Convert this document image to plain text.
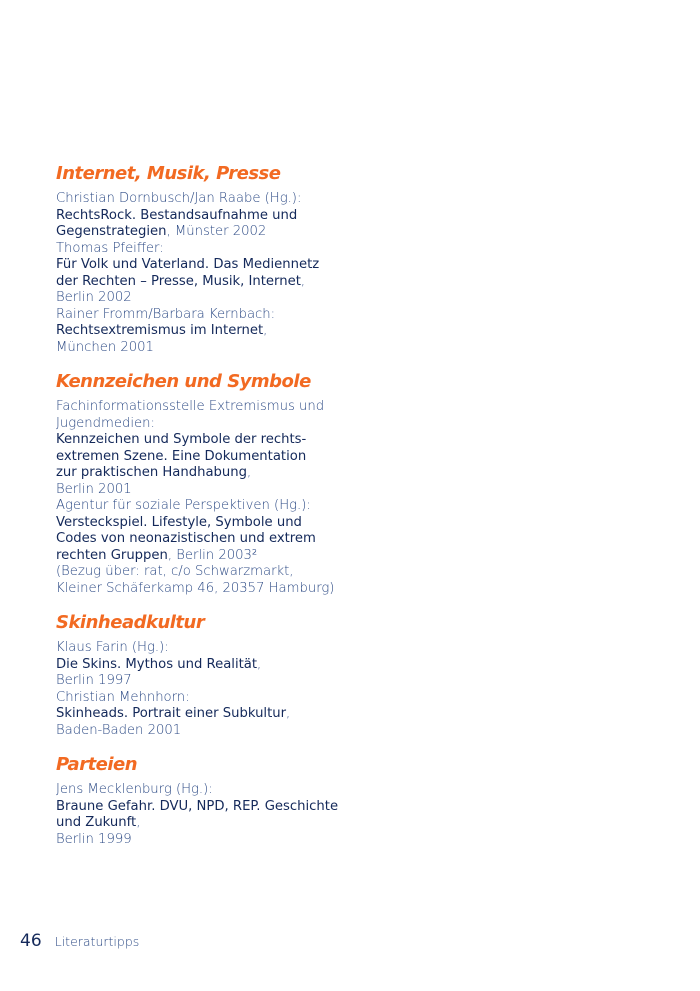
Internet, Musik, Presse
Christian Dornbusch/Jan Raabe (Hg.):
RechtsRock. Bestandsaufnahme und
Gegenstrategien, Münster 2002
Thomas Pfeiffer:
Für Volk und Vaterland. Das Mediennetz
der Rechten – Presse, Musik, Internet,
Berlin 2002
Rainer Fromm/Barbara Kernbach:
Rechtsextremismus im Internet,
München 2001
Kennzeichen und Symbole
Fachinformationsstelle Extremismus und
Jugendmedien:
Kennzeichen und Symbole der rechts-
extremen Szene. Eine Dokumentation
zur praktischen Handhabung,
Berlin 2001
Agentur für soziale Perspektiven (Hg.):
Versteckspiel. Lifestyle, Symbole und
Codes von neonazistischen und extrem
rechten Gruppen, Berlin 2003²
(Bezug über: rat, c/o Schwarzmarkt,
Kleiner Schäferkamp 46, 20357 Hamburg)
Skinheadkultur
Klaus Farin (Hg.):
Die Skins. Mythos und Realität,
Berlin 1997
Christian Mehnhorn:
Skinheads. Portrait einer Subkultur,
Baden-Baden 2001
Parteien
Jens Mecklenburg (Hg.):
Braune Gefahr. DVU, NPD, REP. Geschichte
und Zukunft,
Berlin 1999
46 Literaturtipps
